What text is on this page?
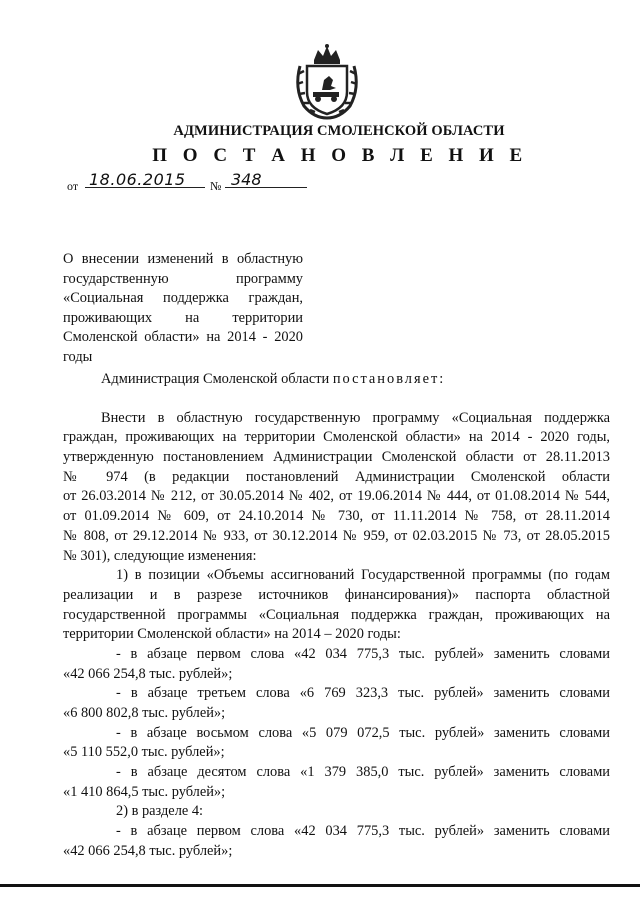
АДМИНИСТРАЦИЯ СМОЛЕНСКОЙ ОБЛАСТИ
П О С Т А Н О В Л Е Н И Е
от 18.06.2015	№ 348
О внесении изменений в областную
государственную программу
«Социальная поддержка граждан,
проживающих на территории
Смоленской области» на 2014 - 2020
годы
Администрация Смоленской области постановляет:
Внести в областную государственную программу «Социальная поддержка
граждан, проживающих на территории Смоленской области» на 2014 - 2020 годы,
утвержденную постановлением Администрации Смоленской области от 28.11.2013
№ 974 (в редакции постановлений Администрации Смоленской области
от 26.03.2014 № 212, от 30.05.2014 № 402, от 19.06.2014 № 444, от 01.08.2014 № 544,
от 01.09.2014 № 609, от 24.10.2014 № 730, от 11.11.2014 № 758, от 28.11.2014
№ 808, от 29.12.2014 № 933, от 30.12.2014 № 959, от 02.03.2015 № 73, от 28.05.2015
№ 301), следующие изменения:
1) в позиции «Объемы ассигнований Государственной программы (по годам
реализации и в разрезе источников финансирования)» паспорта областной
государственной программы «Социальная поддержка граждан, проживающих на
территории Смоленской области» на 2014 – 2020 годы:
- в абзаце первом слова «42 034 775,3 тыс. рублей» заменить словами
«42 066 254,8 тыс. рублей»;
- в абзаце третьем слова «6 769 323,3 тыс. рублей» заменить словами
«6 800 802,8 тыс. рублей»;
- в абзаце восьмом слова «5 079 072,5 тыс. рублей» заменить словами
«5 110 552,0 тыс. рублей»;
- в абзаце десятом слова «1 379 385,0 тыс. рублей» заменить словами
«1 410 864,5 тыс. рублей»;
2) в разделе 4:
- в абзаце первом слова «42 034 775,3 тыс. рублей» заменить словами
«42 066 254,8 тыс. рублей»;
